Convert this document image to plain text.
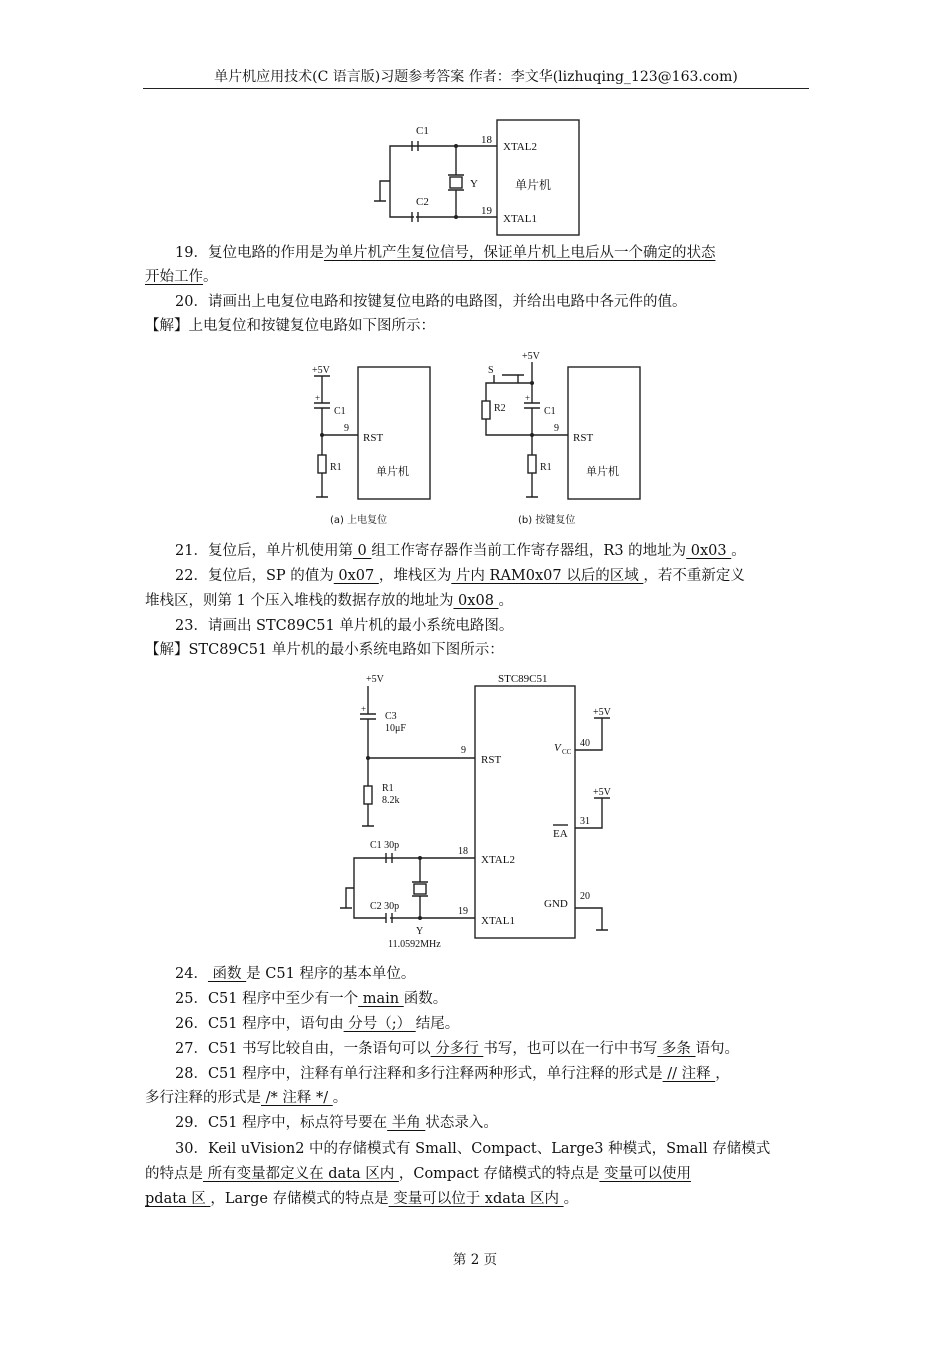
单片机应用技术(C 语言版)习题参考答案 作者：李文华(lizhuqing_123@163.com)
单片机
XTAL2
XTAL1
18
19
C1
C2
Y
19．复位电路的作用是为单片机产生复位信号，保证单片机上电后从一个确定的状态
开始工作。
20．请画出上电复位电路和按键复位电路的电路图，并给出电路中各元件的值。
【解】上电复位和按键复位电路如下图所示：
单片机
RST
9
+5V
+
C1
R1
(a) 上电复位
单片机
RST
9
+5V
S
R2
+
C1
R1
(b) 按键复位
21．复位后，单片机使用第 0 组工作寄存器作当前工作寄存器组，R3 的地址为 0x03 。
22．复位后，SP 的值为 0x07 ，堆栈区为 片内 RAM0x07 以后的区域 ，若不重新定义
堆栈区，则第 1 个压入堆栈的数据存放的地址为 0x08 。
23．请画出 STC89C51 单片机的最小系统电路图。
【解】STC89C51 单片机的最小系统电路如下图所示：
STC89C51
+5V
+
C3
10μF
R1
8.2k
9
RST
C1 30p
C2 30p
Y
11.0592MHz
18
19
XTAL2
XTAL1
+5V
+5V
40
31
20
V CC
EA
GND
24． 函数 是 C51 程序的基本单位。
25．C51 程序中至少有一个 main 函数。
26．C51 程序中，语句由 分号（;） 结尾。
27．C51 书写比较自由，一条语句可以 分多行 书写，也可以在一行中书写 多条 语句。
28．C51 程序中，注释有单行注释和多行注释两种形式，单行注释的形式是 // 注释 ，
多行注释的形式是 /* 注释 */ 。
29．C51 程序中，标点符号要在 半角 状态录入。
30．Keil uVision2 中的存储模式有 Small、Compact、Large3 种模式，Small 存储模式
的特点是 所有变量都定义在 data 区内 ，Compact 存储模式的特点是 变量可以使用
pdata 区 ，Large 存储模式的特点是 变量可以位于 xdata 区内 。
第 2 页
